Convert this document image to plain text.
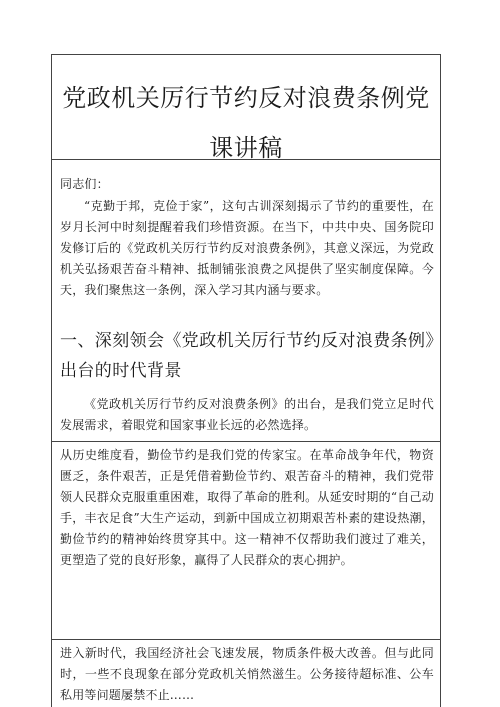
党政机关厉行节约反对浪费条例党课讲稿

同志们：

“克勤于邦，克俭于家”，这句古训深刻揭示了节约的重要性，在岁月长河中时刻提醒着我们珍惜资源。在当下，中共中央、国务院印发修订后的《党政机关厉行节约反对浪费条例》，其意义深远，为党政机关弘扬艰苦奋斗精神、抵制铺张浪费之风提供了坚实制度保障。今天，我们聚焦这一条例，深入学习其内涵与要求。

一、深刻领会《党政机关厉行节约反对浪费条例》出台的时代背景

《党政机关厉行节约反对浪费条例》的出台，是我们党立足时代发展需求，着眼党和国家事业长远的必然选择。

从历史维度看，勤俭节约是我们党的传家宝。在革命战争年代，物资匮乏，条件艰苦，正是凭借着勤俭节约、艰苦奋斗的精神，我们党带领人民群众克服重重困难，取得了革命的胜利。从延安时期的“自己动手，丰衣足食”大生产运动，到新中国成立初期艰苦朴素的建设热潮，勤俭节约的精神始终贯穿其中。这一精神不仅帮助我们渡过了难关，更塑造了党的良好形象，赢得了人民群众的衷心拥护。

进入新时代，我国经济社会飞速发展，物质条件极大改善。但与此同时，一些不良现象在部分党政机关悄然滋生。公务接待超标准、公车私用等问题屡禁不止……
